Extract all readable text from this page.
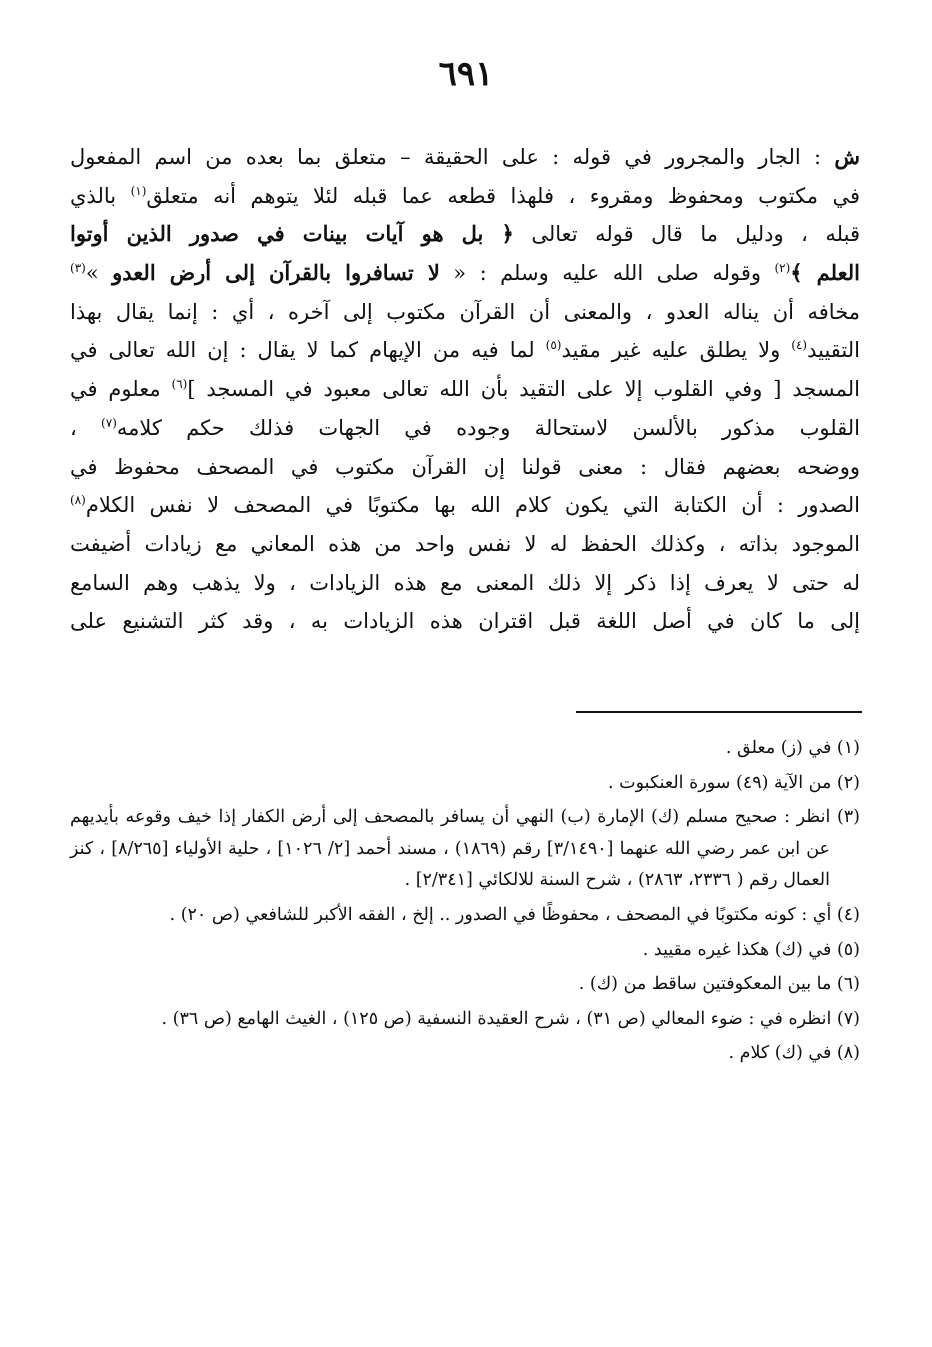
٦٩١
ش : الجار والمجرور في قوله : على الحقيقة – متعلق بما بعده من اسم المفعول
في مكتوب ومحفوظ ومقروء ، فلهذا قطعه عما قبله لئلا يتوهم أنه متعلق$^{(١)}$ بالذي
قبله ، ودليل ما قال قوله تعالى ﴿ بل هو آيات بينات في صدور الذين أوتوا
العلم ﴾$^{(٢)}$ وقوله صلى الله عليه وسلم : « لا تسافروا بالقرآن إلى أرض العدو »$^{(٣)}$
مخافه أن يناله العدو ، والمعنى أن القرآن مكتوب إلى آخره ، أي : إنما يقال بهذا
التقييد$^{(٤)}$ ولا يطلق عليه غير مقيد$^{(٥)}$ لما فيه من الإيهام كما لا يقال : إن الله تعالى في
المسجد [ وفي القلوب إلا على التقيد بأن الله تعالى معبود في المسجد ]$^{(٦)}$ معلوم في
القلوب مذكور بالألسن لاستحالة وجوده في الجهات فذلك حكم كلامه$^{(٧)}$ ،
ووضحه بعضهم فقال : معنى قولنا إن القرآن مكتوب في المصحف محفوظ في
الصدور : أن الكتابة التي يكون كلام الله بها مكتوبًا في المصحف لا نفس الكلام$^{(٨)}$
الموجود بذاته ، وكذلك الحفظ له لا نفس واحد من هذه المعاني مع زيادات أضيفت
له حتى لا يعرف إذا ذكر إلا ذلك المعنى مع هذه الزيادات ، ولا يذهب وهم السامع
إلى ما كان في أصل اللغة قبل اقتران هذه الزيادات به ، وقد كثر التشنيع على
(١) في (ز) معلق .
(٢) من الآية (٤٩) سورة العنكبوت .
(٣) انظر : صحيح مسلم (ك) الإمارة (ب) النهي أن يسافر بالمصحف إلى أرض الكفار إذا خيف وقوعه بأيديهم عن ابن عمر رضي الله عنهما [٣/١٤٩٠] رقم (١٨٦٩) ، مسند أحمد [٢/ ١٠٢٦] ، حلية الأولياء [٨/٢٦٥] ، كنز العمال رقم ( ٢٣٣٦، ٢٨٦٣) ، شرح السنة للالكائي [٢/٣٤١] .
(٤) أي : كونه مكتوبًا في المصحف ، محفوظًا في الصدور .. إلخ ، الفقه الأكبر للشافعي (ص ٢٠) .
(٥) في (ك) هكذا غيره مقييد .
(٦) ما بين المعكوفتين ساقط من (ك) .
(٧) انظره في : ضوء المعالي (ص ٣١) ، شرح العقيدة النسفية (ص ١٢٥) ، الغيث الهامع (ص ٣٦) .
(٨) في (ك) كلام .
